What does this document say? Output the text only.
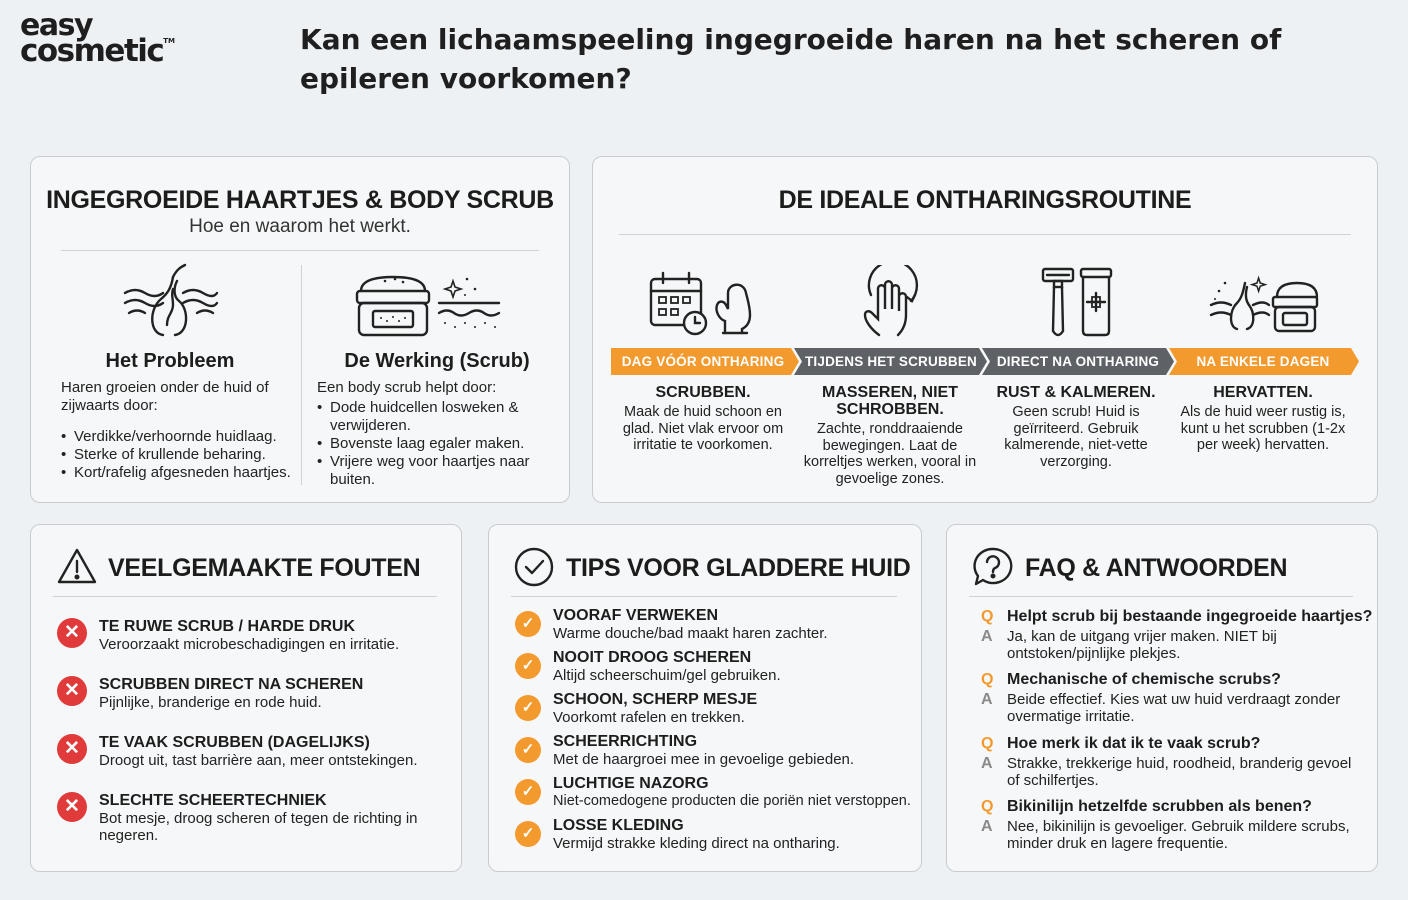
easy
cosmetic™	Kan een lichaamspeeling ingegroeide haren na het scheren of epileren voorkomen?
INGEGROEIDE HAARTJES & BODY SCRUB
Hoe en waarom het werkt.
Het Probleem
Haren groeien onder de huid of zijwaarts door:
• Verdikke/verhoornde huidlaag.
• Sterke of krullende beharing.
• Kort/rafelig afgesneden haartjes.
De Werking (Scrub)
Een body scrub helpt door:
• Dode huidcellen losweken & verwijderen.
• Bovenste laag egaler maken.
• Vrijere weg voor haartjes naar buiten.
DE IDEALE ONTHARINGSROUTINE
DAG VÓÓR ONTHARING	TIJDENS HET SCRUBBEN	DIRECT NA ONTHARING	NA ENKELE DAGEN
SCRUBBEN.
Maak de huid schoon en glad. Niet vlak ervoor om irritatie te voorkomen.
MASSEREN, NIET SCHROBBEN.
Zachte, ronddraaiende bewegingen. Laat de korreltjes werken, vooral in gevoelige zones.
RUST & KALMEREN.
Geen scrub! Huid is geïrriteerd. Gebruik kalmerende, niet-vette verzorging.
HERVATTEN.
Als de huid weer rustig is, kunt u het scrubben (1-2x per week) hervatten.
VEELGEMAAKTE FOUTEN
✕	TE RUWE SCRUB / HARDE DRUK
Veroorzaakt microbeschadigingen en irritatie.
✕	SCRUBBEN DIRECT NA SCHEREN
Pijnlijke, branderige en rode huid.
✕	TE VAAK SCRUBBEN (DAGELIJKS)
Droogt uit, tast barrière aan, meer ontstekingen.
✕	SLECHTE SCHEERTECHNIEK
Bot mesje, droog scheren of tegen de richting in negeren.
TIPS VOOR GLADDERE HUID
✓	VOORAF VERWEKEN
Warme douche/bad maakt haren zachter.
✓	NOOIT DROOG SCHEREN
Altijd scheerschuim/gel gebruiken.
✓	SCHOON, SCHERP MESJE
Voorkomt rafelen en trekken.
✓	SCHEERRICHTING
Met de haargroei mee in gevoelige gebieden.
✓	LUCHTIGE NAZORG
Niet-comedogene producten die poriën niet verstoppen.
✓	LOSSE KLEDING
Vermijd strakke kleding direct na ontharing.
FAQ & ANTWOORDEN
Q Helpt scrub bij bestaande ingegroeide haartjes?
A Ja, kan de uitgang vrijer maken. NIET bij ontstoken/pijnlijke plekjes.
Q Mechanische of chemische scrubs?
A Beide effectief. Kies wat uw huid verdraagt zonder overmatige irritatie.
Q Hoe merk ik dat ik te vaak scrub?
A Strakke, trekkerige huid, roodheid, branderig gevoel of schilfertjes.
Q Bikinilijn hetzelfde scrubben als benen?
A Nee, bikinilijn is gevoeliger. Gebruik mildere scrubs, minder druk en lagere frequentie.
